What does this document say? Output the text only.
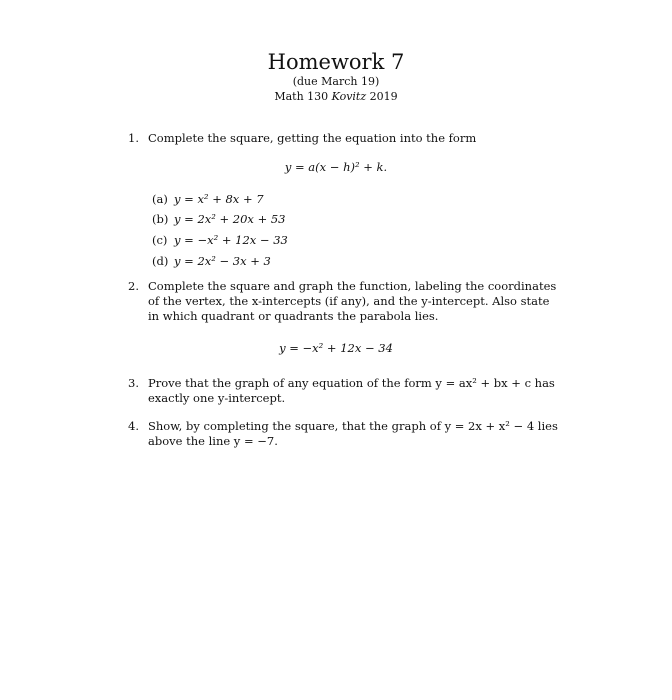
Homework 7
(due March 19)
Math 130 Kovitz 2019
1. Complete the square, getting the equation into the form
y = a(x − h)² + k.
(a) y = x² + 8x + 7
(b) y = 2x² + 20x + 53
(c) y = −x² + 12x − 33
(d) y = 2x² − 3x + 3
2. Complete the square and graph the function, labeling the coordinates
of the vertex, the x-intercepts (if any), and the y-intercept. Also state
in which quadrant or quadrants the parabola lies.
y = −x² + 12x − 34
3. Prove that the graph of any equation of the form y = ax² + bx + c has
exactly one y-intercept.
4. Show, by completing the square, that the graph of y = 2x + x² − 4 lies
above the line y = −7.
